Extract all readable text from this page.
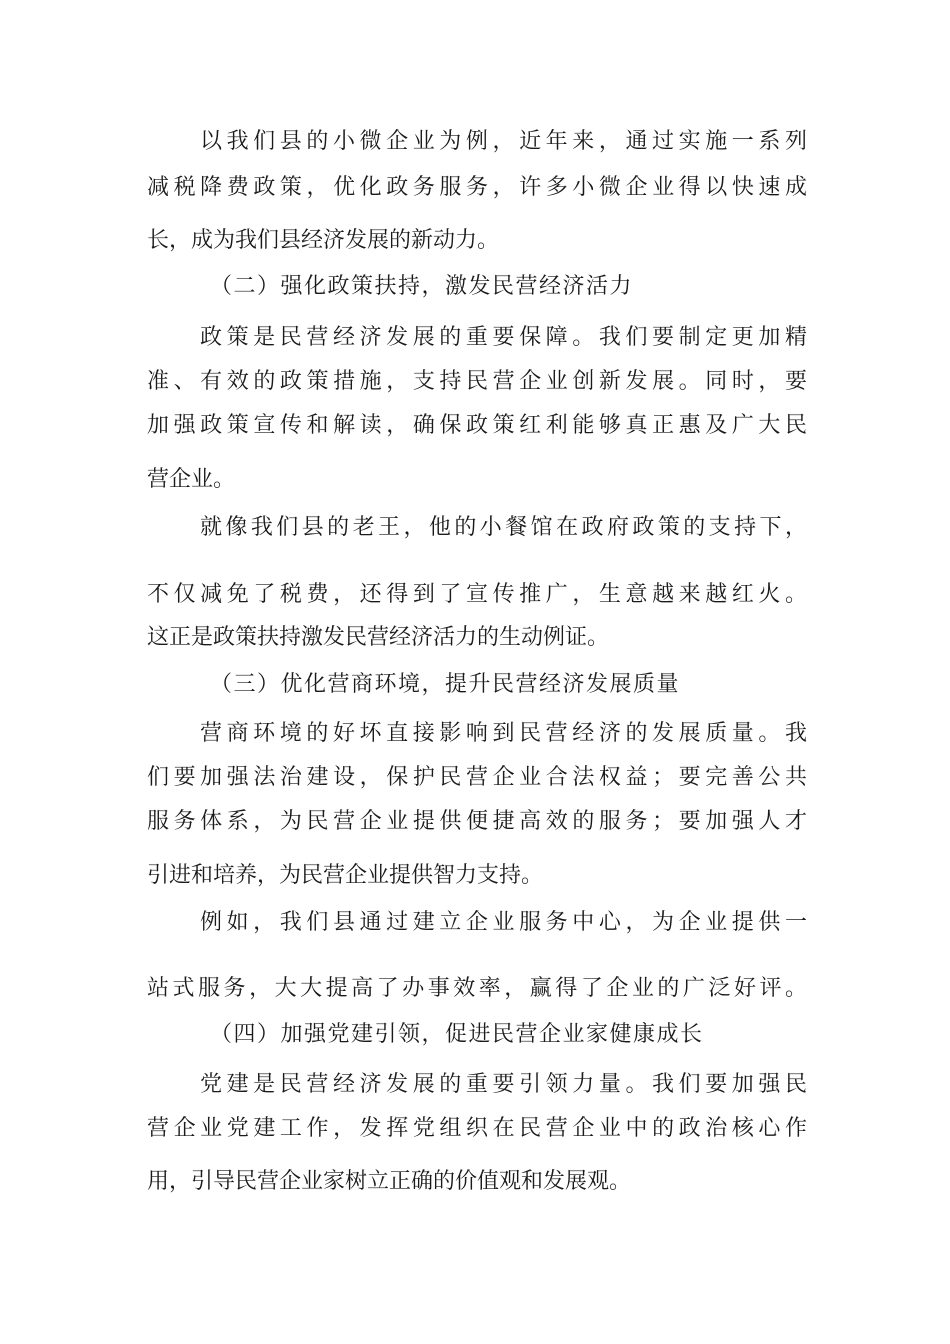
以我们县的小微企业为例，近年来，通过实施一系列
减税降费政策，优化政务服务，许多小微企业得以快速成
长，成为我们县经济发展的新动力。
（二）强化政策扶持，激发民营经济活力
政策是民营经济发展的重要保障。我们要制定更加精
准、有效的政策措施，支持民营企业创新发展。同时，要
加强政策宣传和解读，确保政策红利能够真正惠及广大民
营企业。
就像我们县的老王，他的小餐馆在政府政策的支持下，
不仅减免了税费，还得到了宣传推广，生意越来越红火。
这正是政策扶持激发民营经济活力的生动例证。
（三）优化营商环境，提升民营经济发展质量
营商环境的好坏直接影响到民营经济的发展质量。我
们要加强法治建设，保护民营企业合法权益；要完善公共
服务体系，为民营企业提供便捷高效的服务；要加强人才
引进和培养，为民营企业提供智力支持。
例如，我们县通过建立企业服务中心，为企业提供一
站式服务，大大提高了办事效率，赢得了企业的广泛好评。
（四）加强党建引领，促进民营企业家健康成长
党建是民营经济发展的重要引领力量。我们要加强民
营企业党建工作，发挥党组织在民营企业中的政治核心作
用，引导民营企业家树立正确的价值观和发展观。
